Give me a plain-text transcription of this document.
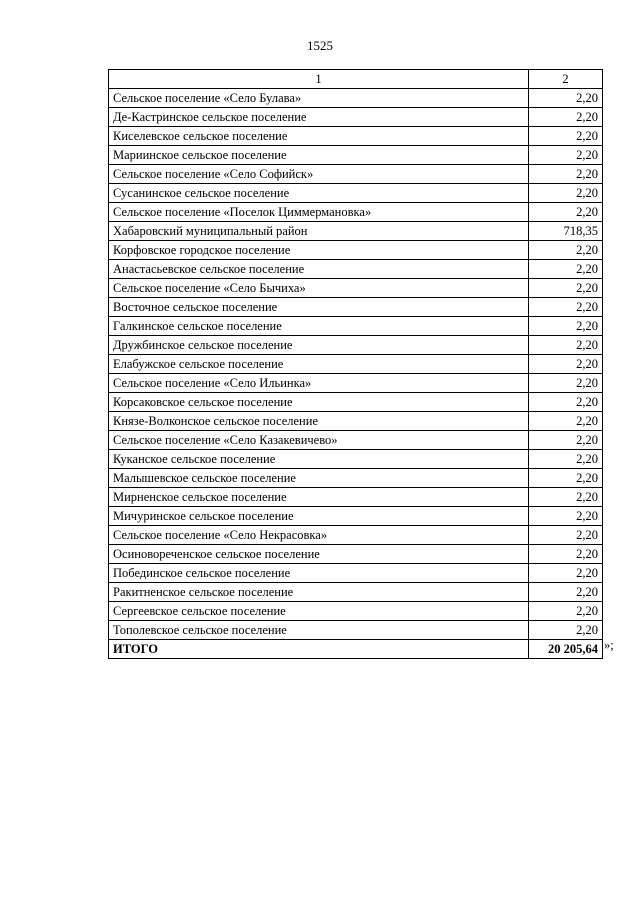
1525
1	2
Сельское поселение «Село Булава»	2,20
Де-Кастринское сельское поселение	2,20
Киселевское сельское поселение	2,20
Мариинское сельское поселение	2,20
Сельское поселение «Село Софийск»	2,20
Сусанинское сельское поселение	2,20
Сельское поселение «Поселок Циммермановка»	2,20
Хабаровский муниципальный район	718,35
Корфовское городское поселение	2,20
Анастасьевское сельское поселение	2,20
Сельское поселение «Село Бычиха»	2,20
Восточное сельское поселение	2,20
Галкинское сельское поселение	2,20
Дружбинское сельское поселение	2,20
Елабужское сельское поселение	2,20
Сельское поселение «Село Ильинка»	2,20
Корсаковское сельское поселение	2,20
Князе-Волконское сельское поселение	2,20
Сельское поселение «Село Казакевичево»	2,20
Куканское сельское поселение	2,20
Малышевское сельское поселение	2,20
Мирненское сельское поселение	2,20
Мичуринское сельское поселение	2,20
Сельское поселение «Село Некрасовка»	2,20
Осиновореченское сельское поселение	2,20
Побединское сельское поселение	2,20
Ракитненское сельское поселение	2,20
Сергеевское сельское поселение	2,20
Тополевское сельское поселение	2,20
ИТОГО	20 205,64 »;
